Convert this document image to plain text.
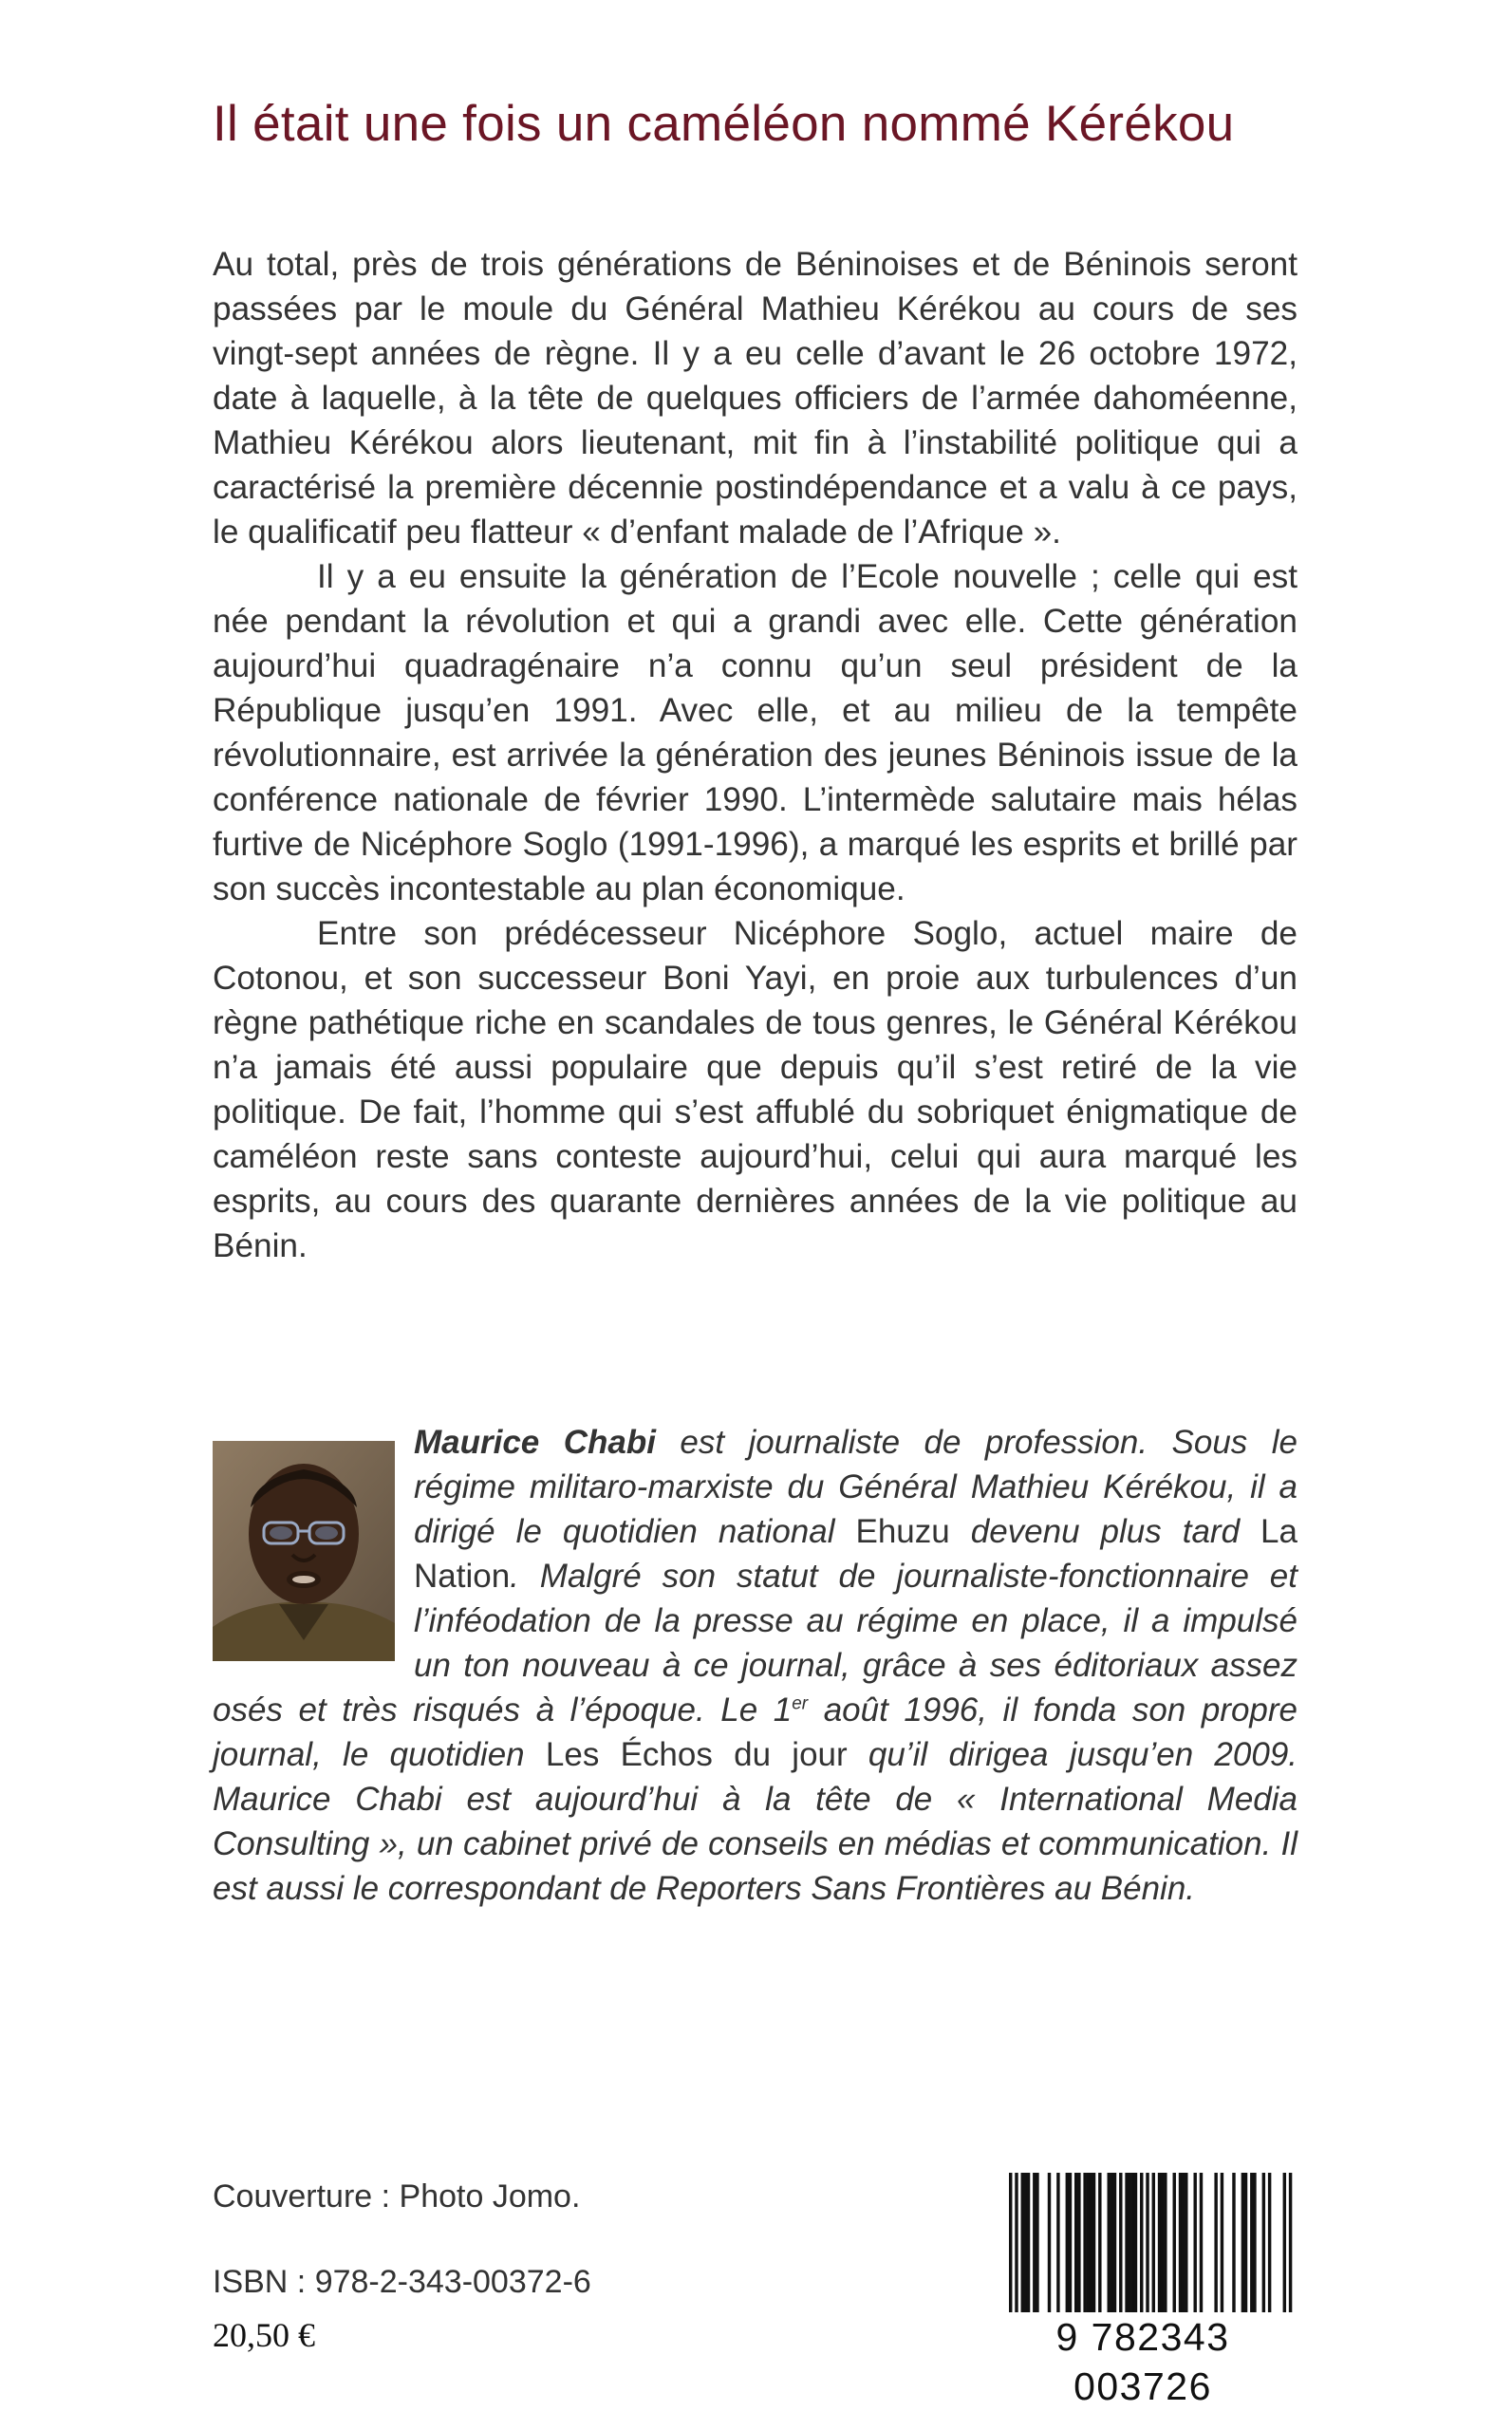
Il était une fois un caméléon nommé Kérékou

Au total, près de trois générations de Béninoises et de Béninois seront passées par le moule du Général Mathieu Kérékou au cours de ses vingt-sept années de règne. Il y a eu celle d’avant le 26 octobre 1972, date à laquelle, à la tête de quelques officiers de l’armée dahoméenne, Mathieu Kérékou alors lieutenant, mit fin à l’instabilité politique qui a caractérisé la première décennie postindépendance et a valu à ce pays, le qualificatif peu flatteur « d’enfant malade de l’Afrique ».

Il y a eu ensuite la génération de l’Ecole nouvelle ; celle qui est née pendant la révolution et qui a grandi avec elle. Cette génération aujourd’hui quadragénaire n’a connu qu’un seul président de la République jusqu’en 1991. Avec elle, et au milieu de la tempête révolutionnaire, est arrivée la génération des jeunes Béninois issue de la conférence nationale de février 1990. L’intermède salutaire mais hélas furtive de Nicéphore Soglo (1991-1996), a marqué les esprits et brillé par son succès incontestable au plan économique.

Entre son prédécesseur Nicéphore Soglo, actuel maire de Cotonou, et son successeur Boni Yayi, en proie aux turbulences d’un règne pathétique riche en scandales de tous genres, le Général Kérékou n’a jamais été aussi populaire que depuis qu’il s’est retiré de la vie politique. De fait, l’homme qui s’est affublé du sobriquet énigmatique de caméléon reste sans conteste aujourd’hui, celui qui aura marqué les esprits, au cours des quarante dernières années de la vie politique au Bénin.

Maurice Chabi est journaliste de profession. Sous le régime militaro-marxiste du Général Mathieu Kérékou, il a dirigé le quotidien national Ehuzu devenu plus tard La Nation. Malgré son statut de journaliste-fonctionnaire et l’inféodation de la presse au régime en place, il a impulsé un ton nouveau à ce journal, grâce à ses éditoriaux assez osés et très risqués à l’époque. Le 1er août 1996, il fonda son propre journal, le quotidien Les Échos du jour qu’il dirigea jusqu’en 2009. Maurice Chabi est aujourd’hui à la tête de « International Media Consulting », un cabinet privé de conseils en médias et communication. Il est aussi le correspondant de Reporters Sans Frontières au Bénin.

Couverture : Photo Jomo.
ISBN : 978-2-343-00372-6
20,50 €	9 782343 003726
